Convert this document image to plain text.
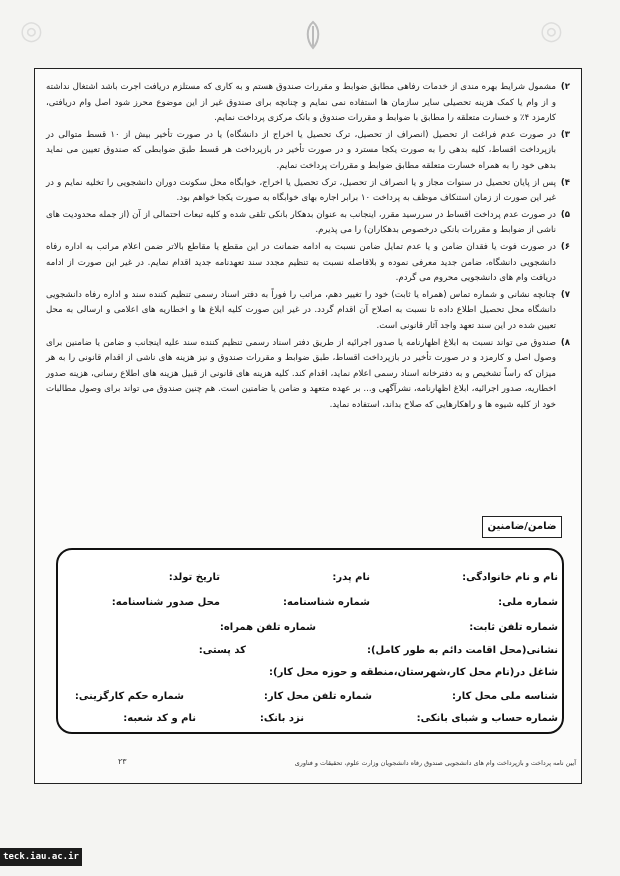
◎
◎
۲)
مشمول شرایط بهره مندی از خدمات رفاهی مطابق ضوابط و مقررات صندوق هستم و به کاری که مستلزم دریافت اجرت باشد اشتغال نداشته و از وام یا کمک هزینه تحصیلی سایر سازمان ها استفاده نمی نمایم و چنانچه برای صندوق غیر از این موضوع محرز شود اصل وام دریافتی، کارمزد ۴٪ و خسارت متعلقه را مطابق با ضوابط و مقررات صندوق و بانک مرکزی پرداخت نمایم.
۳)
در صورت عدم فراغت از تحصیل (انصراف از تحصیل، ترک تحصیل یا اخراج از دانشگاه) یا در صورت تأخیر بیش از ۱۰ قسط متوالی در بازپرداخت اقساط، کلیه بدهی را به صورت یکجا مسترد و در صورت تأخیر در بازپرداخت هر قسط طبق ضوابطی که صندوق تعیین می نماید بدهی خود را به همراه خسارت متعلقه مطابق ضوابط و مقررات پرداخت نمایم.
۴)
پس از پایان تحصیل در سنوات مجاز و یا انصراف از تحصیل، ترک تحصیل یا اخراج، خوابگاه محل سکونت دوران دانشجویی را تخلیه نمایم و در غیر این صورت از زمان استنکاف موظف به پرداخت ۱۰ برابر اجاره بهای خوابگاه به صورت یکجا خواهم بود.
۵)
در صورت عدم پرداخت اقساط در سررسید مقرر، اینجانب به عنوان بدهکار بانکی تلقی شده و کلیه تبعات احتمالی از آن (از جمله محدودیت های ناشی از ضوابط و مقررات بانکی درخصوص بدهکاران) را می پذیرم.
۶)
در صورت فوت یا فقدان ضامن و یا عدم تمایل ضامن نسبت به ادامه ضمانت در این مقطع یا مقاطع بالاتر ضمن اعلام مراتب به اداره رفاه دانشجویی دانشگاه، ضامن جدید معرفی نموده و بلافاصله نسبت به تنظیم مجدد سند تعهدنامه جدید اقدام نمایم. در غیر این صورت از ادامه دریافت وام های دانشجویی محروم می گردم.
۷)
چنانچه نشانی و شماره تماس (همراه یا ثابت) خود را تغییر دهم، مراتب را فوراً به دفتر اسناد رسمی تنظیم کننده سند و اداره رفاه دانشجویی دانشگاه محل تحصیل اطلاع داده تا نسبت به اصلاح آن اقدام گردد. در غیر این صورت کلیه ابلاغ ها و اخطاریه های اعلامی و ارسالی به محل تعیین شده در این سند تعهد واجد آثار قانونی است.
۸)
صندوق می تواند نسبت به ابلاغ اظهارنامه یا صدور اجرائیه از طریق دفتر اسناد رسمی تنظیم کننده سند علیه اینجانب و ضامن یا ضامنین برای وصول اصل و کارمزد و در صورت تأخیر در بازپرداخت اقساط، طبق ضوابط و مقررات صندوق و نیز هزینه های ناشی از اقدام قانونی را به هر میزان که راساً تشخیص و به دفترخانه اسناد رسمی اعلام نماید، اقدام کند. کلیه هزینه های قانونی از قبیل هزینه های اطلاع رسانی، هزینه صدور اخطاریه، صدور اجرائیه، ابلاغ اظهارنامه، نشرآگهی و... بر عهده متعهد و ضامن یا ضامنین است. هم چنین صندوق می تواند برای وصول مطالبات خود از کلیه شیوه ها و راهکارهایی که صلاح بداند، استفاده نماید.
ضامن/ضامنین
نام و نام خانوادگی:
نام پدر:
تاریخ تولد:
شماره ملی:
شماره شناسنامه:
محل صدور شناسنامه:
شماره تلفن ثابت:
شماره تلفن همراه:
نشانی(محل اقامت دائم به طور کامل):
کد پستی:
شاغل در(نام محل کار،شهرستان،منطقه و حوزه محل کار):
شناسه ملی محل کار:
شماره تلفن محل کار:
شماره حکم کارگزینی:
شماره حساب و شبای بانکی:
نزد بانک:
نام و کد شعبه:
آیین نامه پرداخت و بازپرداخت وام های دانشجویی صندوق رفاه دانشجویان وزارت علوم، تحقیقات و فناوری
۲۳
teck.iau.ac.ir
